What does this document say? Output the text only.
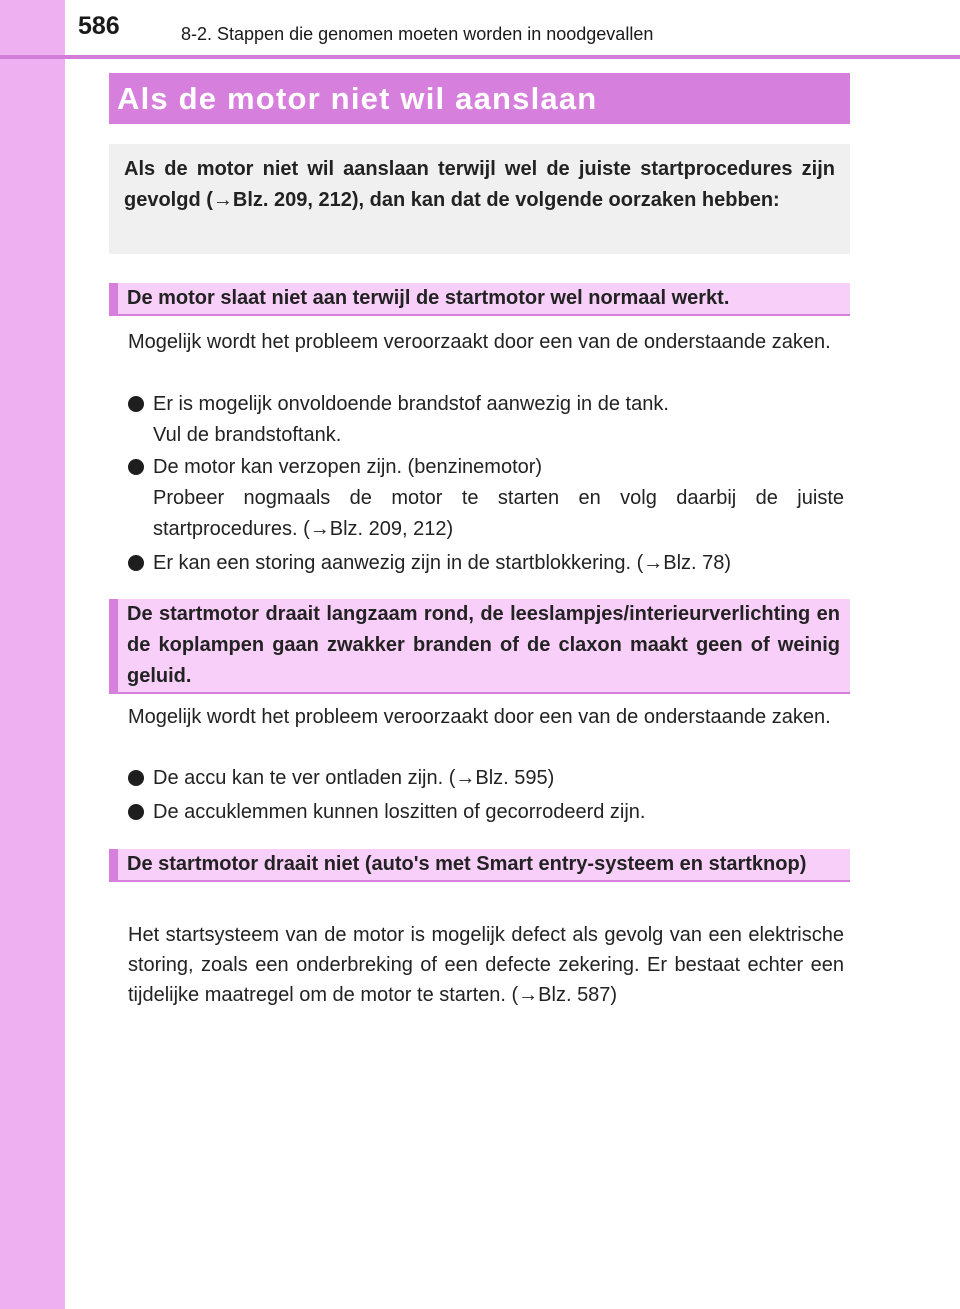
586	8-2. Stappen die genomen moeten worden in noodgevallen
Als de motor niet wil aanslaan
Als de motor niet wil aanslaan terwijl wel de juiste startprocedures zijn gevolgd (→Blz. 209, 212), dan kan dat de volgende oorzaken hebben:
De motor slaat niet aan terwijl de startmotor wel normaal werkt.

Mogelijk wordt het probleem veroorzaakt door een van de onderstaande zaken.

Er is mogelijk onvoldoende brandstof aanwezig in de tank.
Vul de brandstoftank.
De motor kan verzopen zijn. (benzinemotor)
Probeer nogmaals de motor te starten en volg daarbij de juiste startprocedures. (→Blz. 209, 212)
Er kan een storing aanwezig zijn in de startblokkering. (→Blz. 78)
De startmotor draait langzaam rond, de leeslampjes/interieurverlichting en de koplampen gaan zwakker branden of de claxon maakt geen of weinig geluid.

Mogelijk wordt het probleem veroorzaakt door een van de onderstaande zaken.

De accu kan te ver ontladen zijn. (→Blz. 595)
De accuklemmen kunnen loszitten of gecorrodeerd zijn.
De startmotor draait niet (auto's met Smart entry-systeem en startknop)

Het startsysteem van de motor is mogelijk defect als gevolg van een elektrische storing, zoals een onderbreking of een defecte zekering. Er bestaat echter een tijdelijke maatregel om de motor te starten. (→Blz. 587)
